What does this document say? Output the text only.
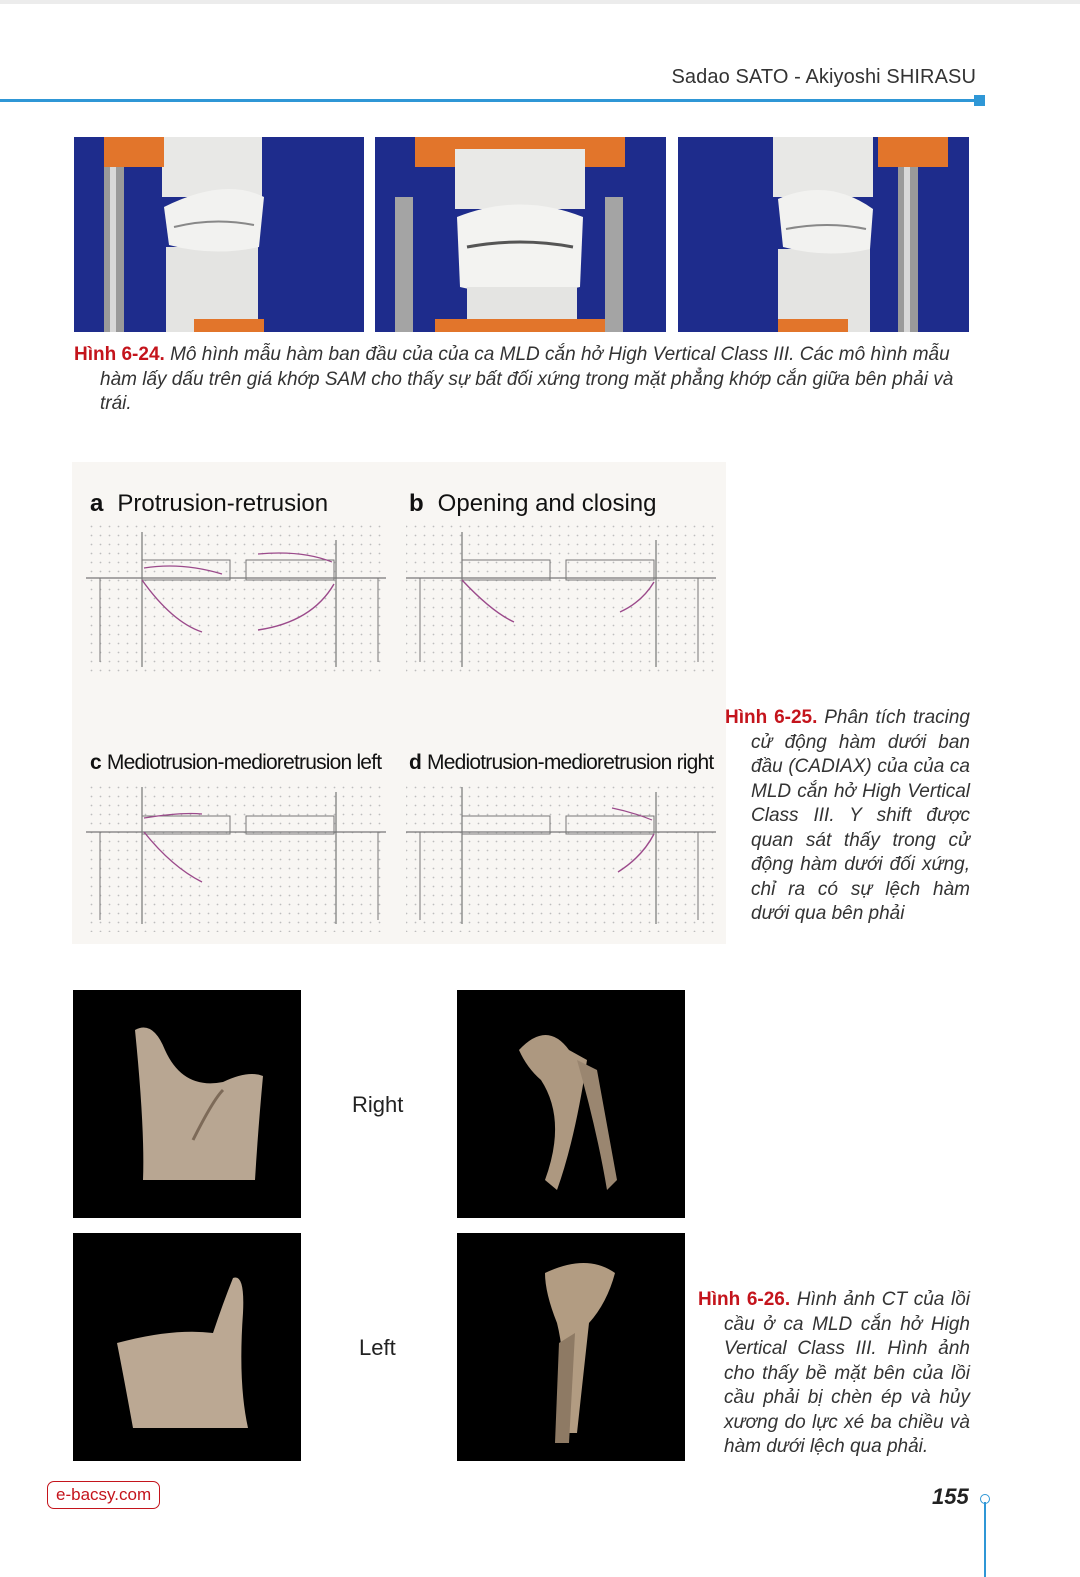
Sadao SATO - Akiyoshi SHIRASU
Hình 6-24. Mô hình mẫu hàm ban đầu của của ca MLD cắn hở High Vertical Class III. Các mô hình mẫu hàm lấy dấu trên giá khớp SAM cho thấy sự bất đối xứng trong mặt phẳng khớp cắn giữa bên phải và trái.
a Protrusion-retrusion	b Opening and closing
c Mediotrusion-medioretrusion left d Mediotrusion-medioretrusion right
Hình 6-25. Phân tích tracing cử động hàm dưới ban đầu (CADIAX) của của ca MLD cắn hở High Vertical Class III. Y shift được quan sát thấy trong cử động hàm dưới đối xứng, chỉ ra có sự lệch hàm dưới qua bên phải
Right
Left
Hình 6-26. Hình ảnh CT của lồi cầu ở ca MLD cắn hở High Vertical Class III. Hình ảnh cho thấy bề mặt bên của lồi cầu phải bị chèn ép và hủy xương do lực xé ba chiều và hàm dưới lệch qua phải.
e-bacsy.com	155
